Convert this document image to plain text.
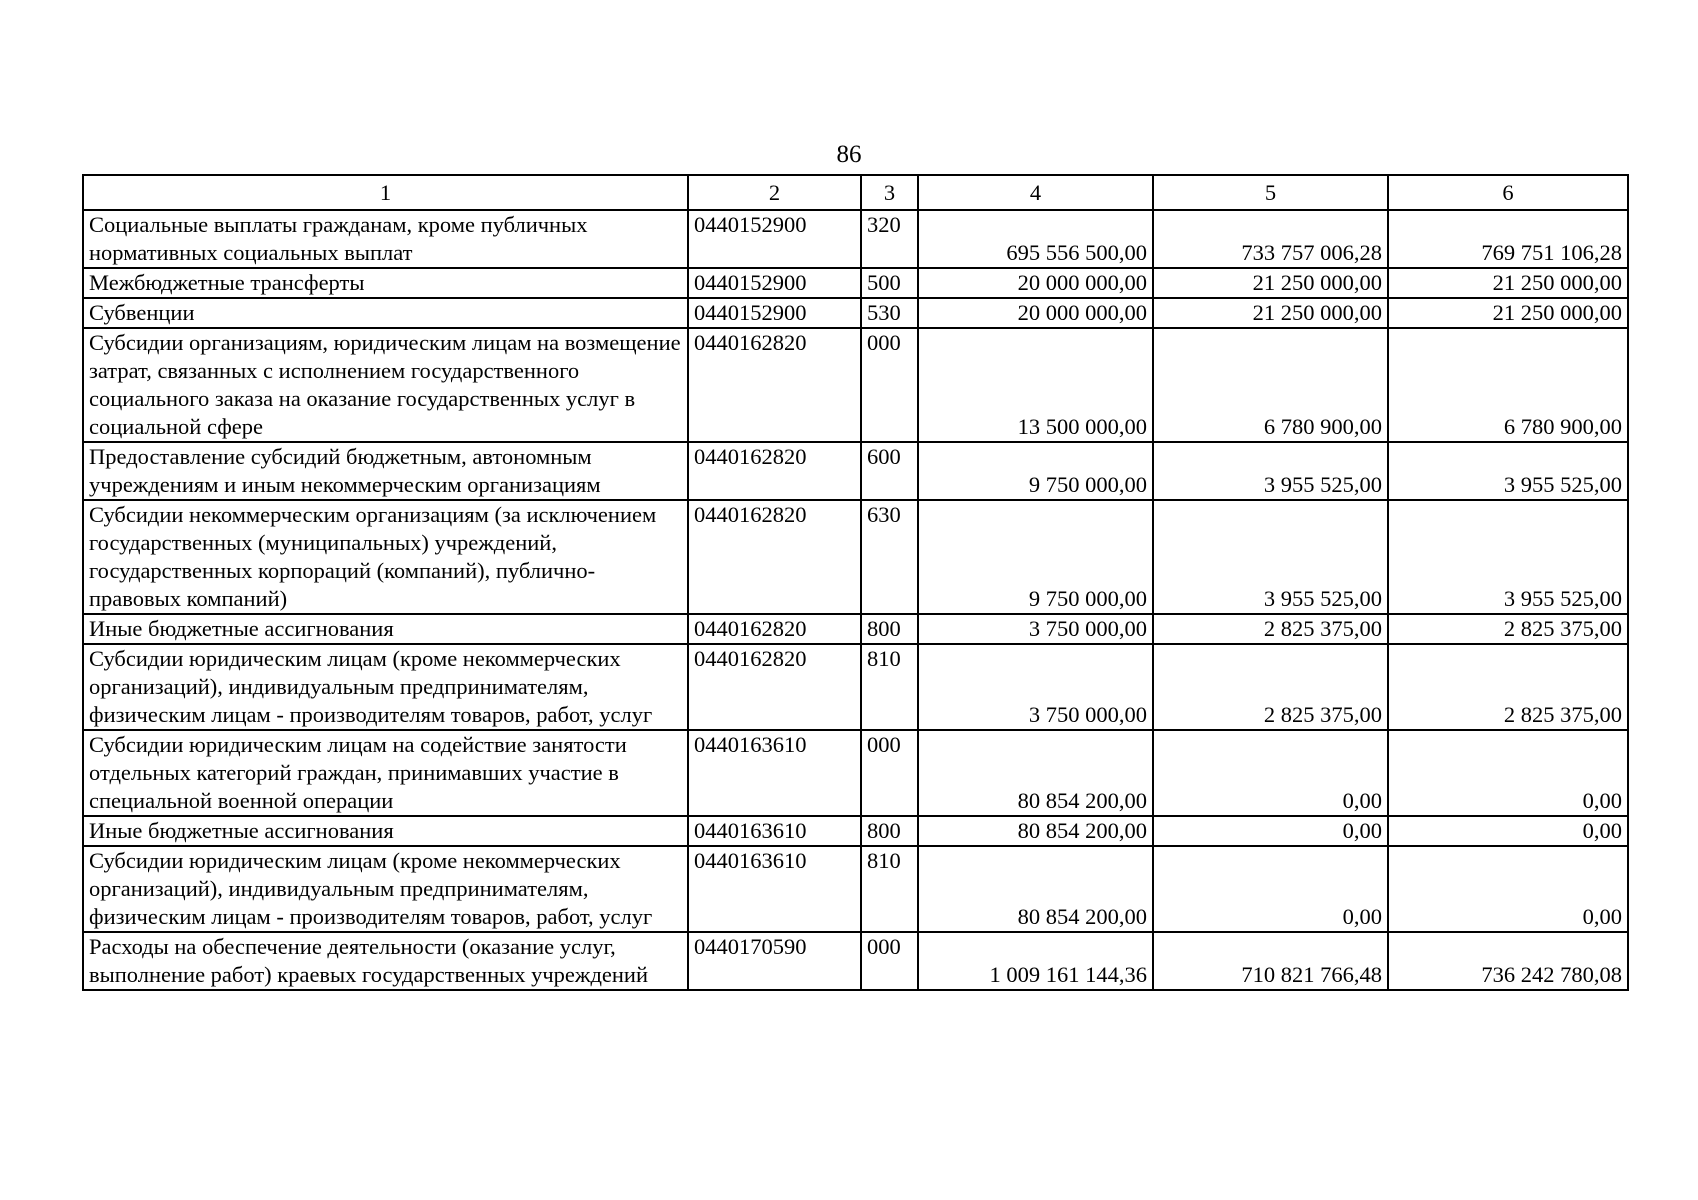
86
1	2	3	4	5	6
Социальные выплаты гражданам, кроме публичных нормативных социальных выплат	0440152900	320	695 556 500,00	733 757 006,28	769 751 106,28
Межбюджетные трансферты	0440152900	500	20 000 000,00	21 250 000,00	21 250 000,00
Субвенции	0440152900	530	20 000 000,00	21 250 000,00	21 250 000,00
Субсидии организациям, юридическим лицам на возмещение затрат, связанных с исполнением государственного социального заказа на оказание государственных услуг в социальной сфере	0440162820	000	13 500 000,00	6 780 900,00	6 780 900,00
Предоставление субсидий бюджетным, автономным учреждениям и иным некоммерческим организациям	0440162820	600	9 750 000,00	3 955 525,00	3 955 525,00
Субсидии некоммерческим организациям (за исключением государственных (муниципальных) учреждений, государственных корпораций (компаний), публично-правовых компаний)	0440162820	630	9 750 000,00	3 955 525,00	3 955 525,00
Иные бюджетные ассигнования	0440162820	800	3 750 000,00	2 825 375,00	2 825 375,00
Субсидии юридическим лицам (кроме некоммерческих организаций), индивидуальным предпринимателям, физическим лицам - производителям товаров, работ, услуг	0440162820	810	3 750 000,00	2 825 375,00	2 825 375,00
Субсидии юридическим лицам на содействие занятости отдельных категорий граждан, принимавших участие в специальной военной операции	0440163610	000	80 854 200,00	0,00	0,00
Иные бюджетные ассигнования	0440163610	800	80 854 200,00	0,00	0,00
Субсидии юридическим лицам (кроме некоммерческих организаций), индивидуальным предпринимателям, физическим лицам - производителям товаров, работ, услуг	0440163610	810	80 854 200,00	0,00	0,00
Расходы на обеспечение деятельности (оказание услуг, выполнение работ) краевых государственных учреждений	0440170590	000	1 009 161 144,36	710 821 766,48	736 242 780,08
